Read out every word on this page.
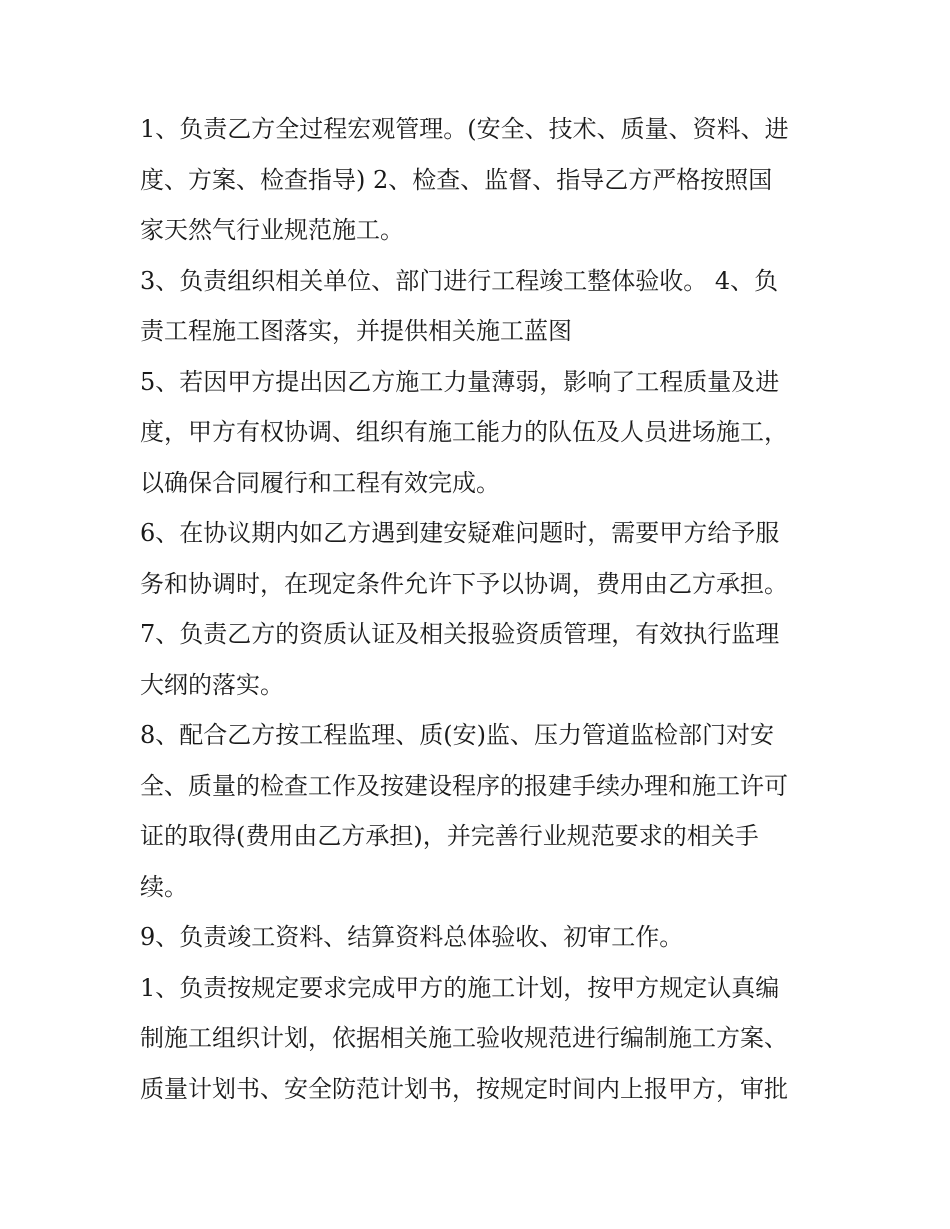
1、负责乙方全过程宏观管理。(安全、技术、质量、资料、进
度、方案、检查指导) 2、检查、监督、指导乙方严格按照国
家天然气行业规范施工。
3、负责组织相关单位、部门进行工程竣工整体验收。 4、负
责工程施工图落实，并提供相关施工蓝图
5、若因甲方提出因乙方施工力量薄弱，影响了工程质量及进
度，甲方有权协调、组织有施工能力的队伍及人员进场施工，
以确保合同履行和工程有效完成。
6、在协议期内如乙方遇到建安疑难问题时，需要甲方给予服
务和协调时，在现定条件允许下予以协调，费用由乙方承担。
7、负责乙方的资质认证及相关报验资质管理，有效执行监理
大纲的落实。
8、配合乙方按工程监理、质(安)监、压力管道监检部门对安
全、质量的检查工作及按建设程序的报建手续办理和施工许可
证的取得(费用由乙方承担)，并完善行业规范要求的相关手
续。
9、负责竣工资料、结算资料总体验收、初审工作。
1、负责按规定要求完成甲方的施工计划，按甲方规定认真编
制施工组织计划，依据相关施工验收规范进行编制施工方案、
质量计划书、安全防范计划书，按规定时间内上报甲方，审批
